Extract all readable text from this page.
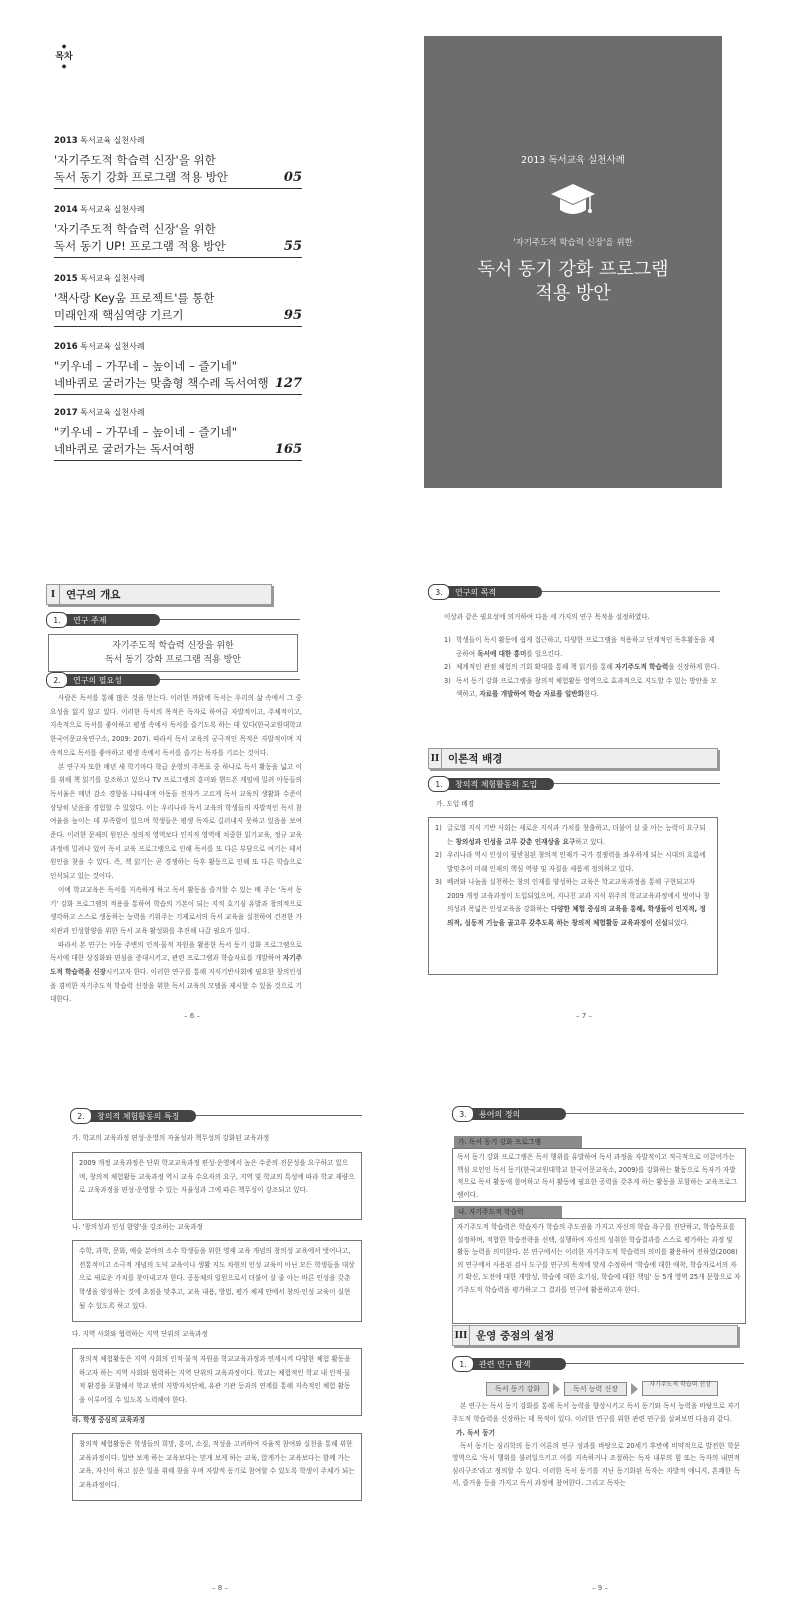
◆
목차
◆
2013 독서교육 실천사례
'자기주도적 학습력 신장'을 위한
독서 동기 강화 프로그램 적용 방안	05
2014 독서교육 실천사례
'자기주도적 학습력 신장'을 위한
독서 동기 UP! 프로그램 적용 방안	55
2015 독서교육 실천사례
'책사랑 Key움 프로젝트'를 통한
미래인재 핵심역량 기르기	95
2016 독서교육 실천사례
"키우네 – 가꾸네 – 높이네 – 즐기네"
네바퀴로 굴러가는 맞춤형 책수레 독서여행 127
2017 독서교육 실천사례
"키우네 – 가꾸네 – 높이네 – 즐기네"
네바퀴로 굴러가는 독서여행	165
2013 독서교육 실천사례
'자기주도적 학습력 신장'을 위한
독서 동기 강화 프로그램
적용 방안
I	연구의 개요
1.	연구 주제
자기주도적 학습력 신장을 위한
독서 동기 강화 프로그램 적용 방안
2.	연구의 필요성

사람은 독서를 통해 많은 것을 얻는다. 이러한 까닭에 독서는 우리의 삶 속에서 그 중요성을 잃지 않고 있다. 이러한 독서의 목적은 독자로 하여금 자발적이고, 주체적이고, 지속적으로 독서를 좋아하고 평생 속에서 독서를 즐기도록 하는 데 있다(한국교원대학교 한국어문교육연구소, 2009: 207). 따라서 독서 교육의 궁극적인 목적은 자발적이며 지속적으로 독서를 좋아하고 평생 속에서 독서를 즐기는 독자를 기르는 것이다.

본 연구자 또한 매년 새 학기마다 학급 운영의 주목표 중 하나로 독서 활동을 넓고 이를 위해 책 읽기를 강조하고 있으나 TV 프로그램의 흥미와 핸드폰 게임에 밀려 아동들의 독서율은 매년 감소 경향을 나타내며 아동들 전자가 고르게 독서 교육의 생활화 수준이 상당히 낮음을 경험할 수 있었다. 이는 우리나라 독서 교육의 학생들의 자발적인 독서 참여율을 높이는 데 부족함이 있으며 학생들은 평생 독자로 길러내지 못하고 있음을 보여준다. 이러한 문제의 원인은 정의적 영역보다 인지적 영역에 치중한 읽기교육, 정규 교육과정에 밀려나 있어 독서 교육 프로그램으로 인해 독서를 또 다른 부담으로 여기는 데서 원인을 찾을 수 있다. 즉, 책 읽기는 곧 경쟁하는 독후 활동으로 인해 또 다른 학습으로 인식되고 있는 것이다.

이에 학교교육은 독서를 지속하게 하고 독서 활동을 즐겨할 수 있는 배 주는 '독서 동기' 강화 프로그램의 적용을 통하여 학습의 기본이 되는 지적 호기심 유발과 창의적으로 생각하고 스스로 생동하는 능력을 키워주는 기제로서의 독서 교육을 실천하여 건전한 가치관과 인성함양을 위한 독서 교육 활성화를 추진해 나갈 필요가 있다.

따라서 본 연구는 아동 주변의 인적·물적 자원을 활용한 독서 동기 강화 프로그램으로 독서에 대한 상징화와 편심을 증대시키고, 관련 프로그램과 학습자료를 개발하여 자기주도적 학습력을 신장시키고자 한다. 이러한 연구를 통해 지식기반사회에 필요한 창의인성을 겸비한 자기주도적 학습력 신장을 위한 독서 교육의 모델을 제시할 수 있을 것으로 기대한다.

– 6 –
3.	연구의 목적
이상과 같은 필요성에 의거하여 다음 세 가지의 연구 목적을 설정하였다.
1) 학생들이 독서 활동에 쉽게 접근하고, 다양한 프로그램을 적용하고 단계적인 독후활동을 제공하여 독서에 대한 흥미를 일으킨다.
2) 체계적인 관점 체험의 기회 확대를 통해 책 읽기를 통해 자기주도적 학습력을 신장하게 한다.
3) 독서 동기 강화 프로그램을 창의적 체험활동 영역으로 효과적으로 지도할 수 있는 방안을 모색하고, 자료를 개발하여 학습 자료를 일반화한다.
II 이론적 배경
1.	창의적 체험활동의 도입
가. 도입 배경
1) 글로벌 지식 기반 사회는 새로운 지식과 가치를 창출하고, 더불어 살 줄 아는 능력이 요구되는 창의성과 인성을 고루 갖춘 인재상을 요구하고 있다.
2) 우리나라 역시 인성이 뒷받침된 창의적 인재가 국가 경쟁력을 좌우하게 되는 시대의 흐름에 발맞추어 미래 인재의 핵심 역량 및 자질을 새롭게 정의하고 있다.
3) 배려와 나눔을 실천하는 창의 인재를 양성하는 교육은 학교교육과정을 통해 구현되고자 2009 개정 교육과정이 도입되었으며, 지나친 교과 지식 위주의 학교교육과정에서 벗어나 창의성과 폭넓은 인성교육을 강화하는 다양한 체험 중심의 교육을 통해, 학생들이 인지적, 정의적, 심동적 기능을 골고루 갖추도록 하는 창의적 체험활동 교육과정이 신설되었다.
– 7 –
2.	창의적 체험활동의 특징
가. 학교의 교육과정 편성·운영의 자율성과 책무성의 강화된 교육과정
2009 개정 교육과정은 단위 학교교육과정 편성·운영에서 높은 수준의 전문성을 요구하고 있으며, 창의적 체험활동 교육과정 역시 교육 수요자의 요구, 지역 및 학교의 특성에 따라 학교 재량으로 교육과정을 편성·운영할 수 있는 자율성과 그에 따른 책무성이 강조되고 있다.
나. '창의성과 인성 함양'을 강조하는 교육과정
수학, 과학, 문화, 예술 분야의 소수 학생들을 위한 영재 교육 개념의 창의성 교육에서 벗어나고, 전통적이고 소극적 개념의 도덕 교육이나 생활 지도 차원의 인성 교육이 아닌 모든 학생들을 대상으로 새로운 가치를 찾아내고자 한다. 공동체의 일원으로서 더불어 살 줄 아는 바른 인성을 갖춘 학생을 양성하는 것에 초점을 맞추고, 교육 내용, 방법, 평가 체제 안에서 창의·인성 교육이 실현될 수 있도록 하고 있다.
다. 지역 사회와 협력하는 지역 단위의 교육과정
창의적 체험활동은 지역 사회의 인적·물적 자원을 학교교육과정과 연계시켜 다양한 체험 활동을 하고자 하는 지역 사회와 협력하는 지역 단위의 교육과정이다. 학교는 체험적인 학교 내 인적·물적 환경을 포함해서 학교 밖의 지방자치단체, 유관 기관 등과의 연계를 통해 지속적인 체험 활동을 이루어질 수 있도록 노력해야 한다.
라. 학생 중심의 교육과정
창의적 체험활동은 학생들의 희망, 흥미, 소질, 적성을 고려하여 자율적 참여와 실천을 통해 위한 교육과정이다. 일반 보게 하는 교육보다는 믿게 보게 하는 교육, 앉게가는 교육보다는 함께 가는 교육, 자신이 하고 싶은 일을 위해 찾을 우며 자발적 동기로 참여할 수 있도록 학생이 주체가 되는 교육과정이다.
– 8 –
3.	용어의 정의
가. 독서 동기 강화 프로그램
독서 동기 강화 프로그램은 독서 행위를 유발하여 독서 과정을 자발적이고 적극적으로 이끌어가는 핵심 요인인 독서 동기(한국교원대학교 한국어문교육소, 2009)를 강화하는 활동으로 독자가 자발적으로 독서 활동에 참여하고 독서 활동에 필요한 공력을 갖추게 하는 활동을 포함하는 교육프로그램이다.
나. 자기주도적 학습력
자기주도적 학습력은 학습자가 학습의 주도권을 가지고 자신의 학습 욕구를 진단하고, 학습목표를 설정하며, 적합한 학습전략을 선택, 실행하여 자신의 성취한 학습결과를 스스로 평가하는 과정 및 활동 능력을 의미한다. 본 연구에서는 이러한 자기주도적 학습력의 의미를 활용하여 전하였(2008)의 연구에서 사용된 검사 도구를 연구의 목적에 맞게 수정하여 '학습에 대한 애착, 학습자로서의 자기 확신, 도전에 대한 개방성, 학습에 대한 호기심, 학습에 대한 책임' 등 5개 영역 25개 문항으로 자기주도적 학습력을 평가하고 그 결과를 연구에 활용하고자 한다.
III 운영 중점의 설정
1.	관련 연구 탐색
독서 동기 강화	독서 능력 신장	자기주도적 학습력 신장

본 연구는 독서 동기 강화를 통해 독서 능력을 향상시키고 독서 동기와 독서 능력을 바탕으로 자기주도적 학습력을 신장하는 데 목적이 있다. 이러한 연구를 위한 관련 연구를 살펴보면 다음과 같다.

가. 독서 동기

독서 동기는 심리학의 동기 이론의 연구 성과를 바탕으로 20세기 후반에 비약적으로 발전한 학문 영역으로 '독서 행위를 불러일으키고 이를 지속하거나 조절하는 독자 내부의 힘 또는 독자의 내면적 심리구조'라고 정의할 수 있다. 이러한 독서 동기를 지닌 동기화된 독자는 자발적 애니지, 흔쾌한 독서, 즐거움 등을 가지고 독서 과정에 참여한다. 그리고 독자는

– 9 –
